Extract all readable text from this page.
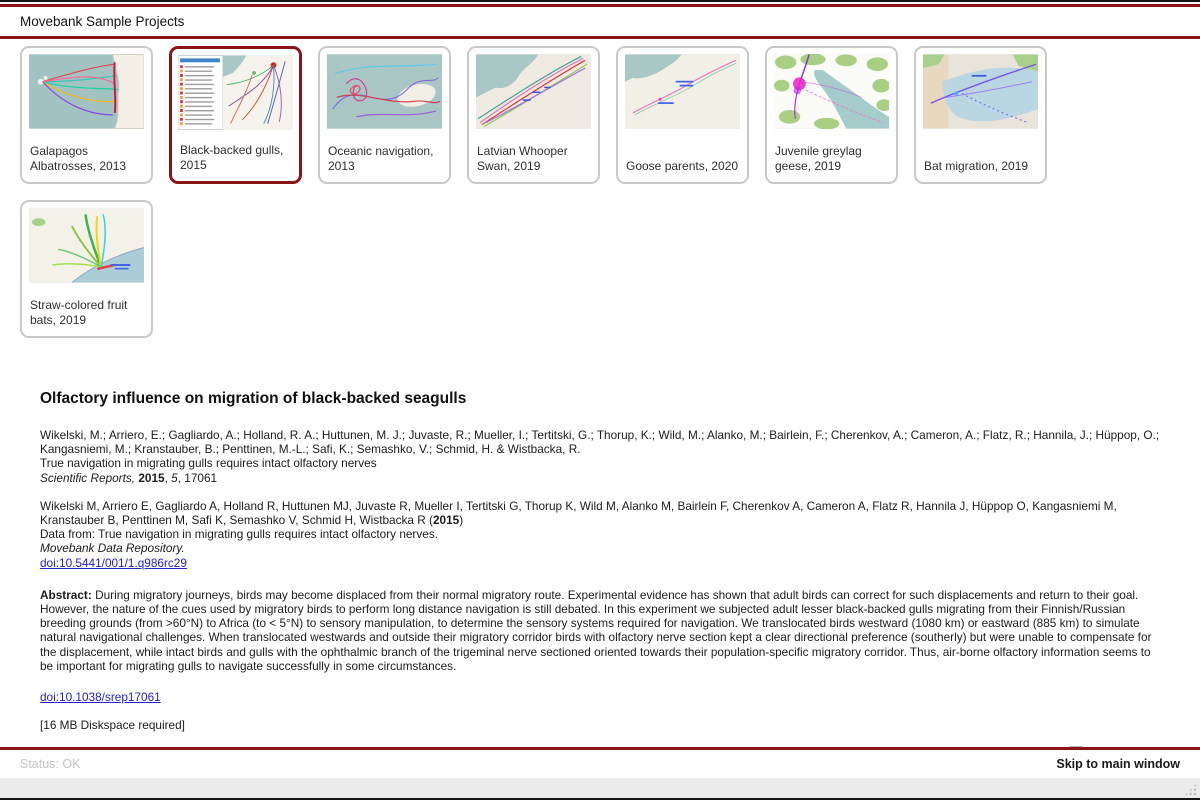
Movebank Sample Projects
Galapagos Albatrosses, 2013
Black-backed gulls, 2015
Oceanic navigation, 2013
Latvian Whooper Swan, 2019	Goose parents, 2020
Juvenile greylag geese, 2019	Bat migration, 2019
Straw-colored fruit bats, 2019
Olfactory influence on migration of black-backed seagulls
Wikelski, M.; Arriero, E.; Gagliardo, A.; Holland, R. A.; Huttunen, M. J.; Juvaste, R.; Mueller, I.; Tertitski, G.; Thorup, K.; Wild, M.; Alanko, M.; Bairlein, F.; Cherenkov, A.; Cameron, A.; Flatz, R.; Hannila, J.; Hüppop, O.; Kangasniemi, M.; Kranstauber, B.; Penttinen, M.-L.; Safi, K.; Semashko, V.; Schmid, H. & Wistbacka, R.
True navigation in migrating gulls requires intact olfactory nerves
Scientific Reports, 2015, 5, 17061
Wikelski M, Arriero E, Gagliardo A, Holland R, Huttunen MJ, Juvaste R, Mueller I, Tertitski G, Thorup K, Wild M, Alanko M, Bairlein F, Cherenkov A, Cameron A, Flatz R, Hannila J, Hüppop O, Kangasniemi M, Kranstauber B, Penttinen M, Safi K, Semashko V, Schmid H, Wistbacka R (2015)
Data from: True navigation in migrating gulls requires intact olfactory nerves.
Movebank Data Repository.
doi:10.5441/001/1.q986rc29
Abstract: During migratory journeys, birds may become displaced from their normal migratory route. Experimental evidence has shown that adult birds can correct for such displacements and return to their goal. However, the nature of the cues used by migratory birds to perform long distance navigation is still debated. In this experiment we subjected adult lesser black-backed gulls migrating from their Finnish/Russian breeding grounds (from >60°N) to Africa (to < 5°N) to sensory manipulation, to determine the sensory systems required for navigation. We translocated birds westward (1080 km) or eastward (885 km) to simulate natural navigational challenges. When translocated westwards and outside their migratory corridor birds with olfactory nerve section kept a clear directional preference (southerly) but were unable to compensate for the displacement, while intact birds and gulls with the ophthalmic branch of the trigeminal nerve sectioned oriented towards their population-specific migratory corridor. Thus, air-borne olfactory information seems to be important for migrating gulls to navigate successfully in some circumstances.
doi:10.1038/srep17061
[16 MB Diskspace required]
Status: OK	Skip to main window
